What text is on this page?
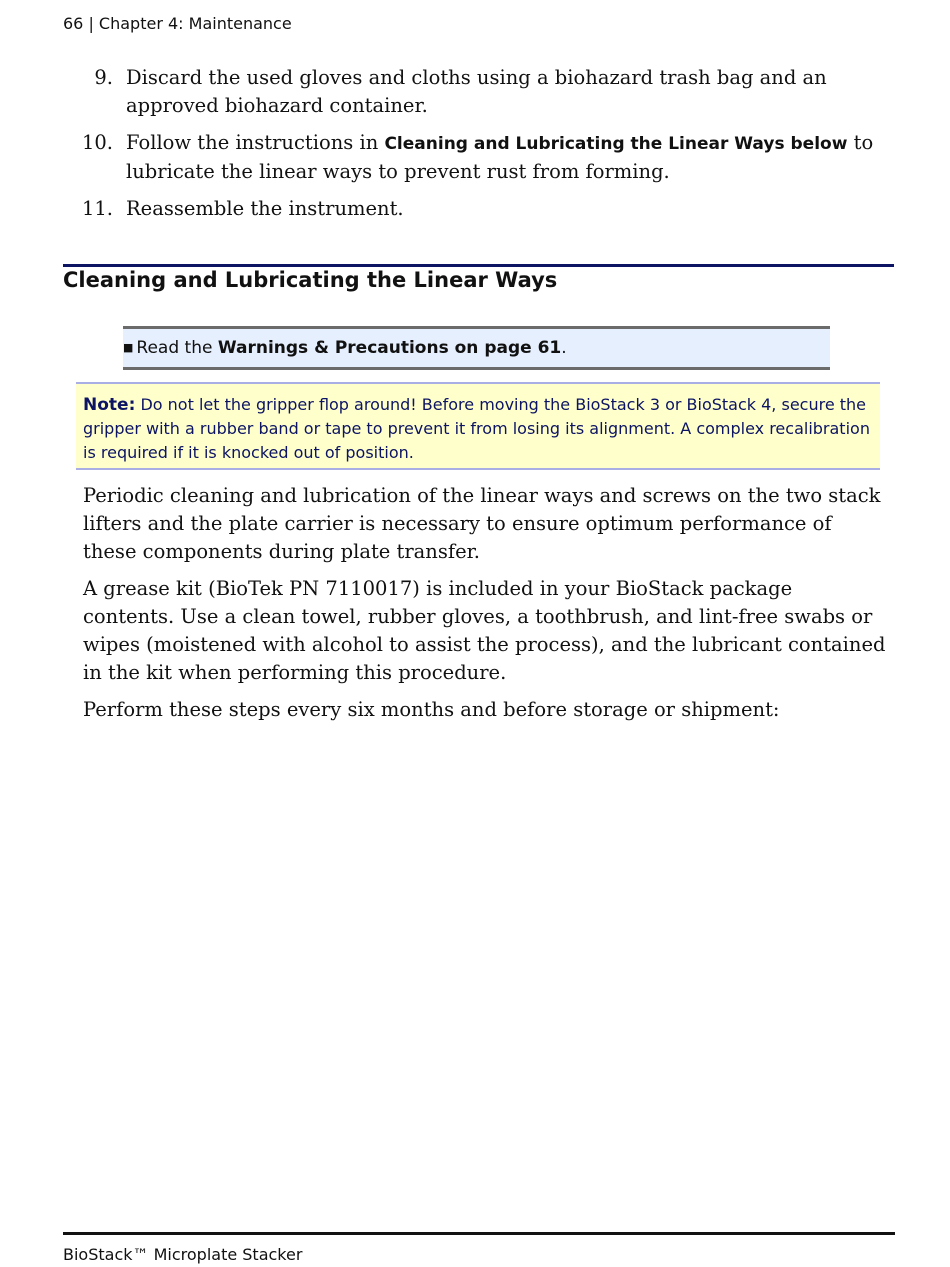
66 | Chapter 4: Maintenance
9. Discard the used gloves and cloths using a biohazard trash bag and an approved biohazard container.
10. Follow the instructions in Cleaning and Lubricating the Linear Ways below to lubricate the linear ways to prevent rust from forming.
11. Reassemble the instrument.
Cleaning and Lubricating the Linear Ways
■ Read the Warnings & Precautions on page 61.
Note: Do not let the gripper flop around! Before moving the BioStack 3 or BioStack 4, secure the gripper with a rubber band or tape to prevent it from losing its alignment. A complex recalibration is required if it is knocked out of position.

Periodic cleaning and lubrication of the linear ways and screws on the two stack lifters and the plate carrier is necessary to ensure optimum performance of these components during plate transfer.

A grease kit (BioTek PN 7110017) is included in your BioStack package contents. Use a clean towel, rubber gloves, a toothbrush, and lint-free swabs or wipes (moistened with alcohol to assist the process), and the lubricant contained in the kit when performing this procedure.

Perform these steps every six months and before storage or shipment:

BioStack™ Microplate Stacker
